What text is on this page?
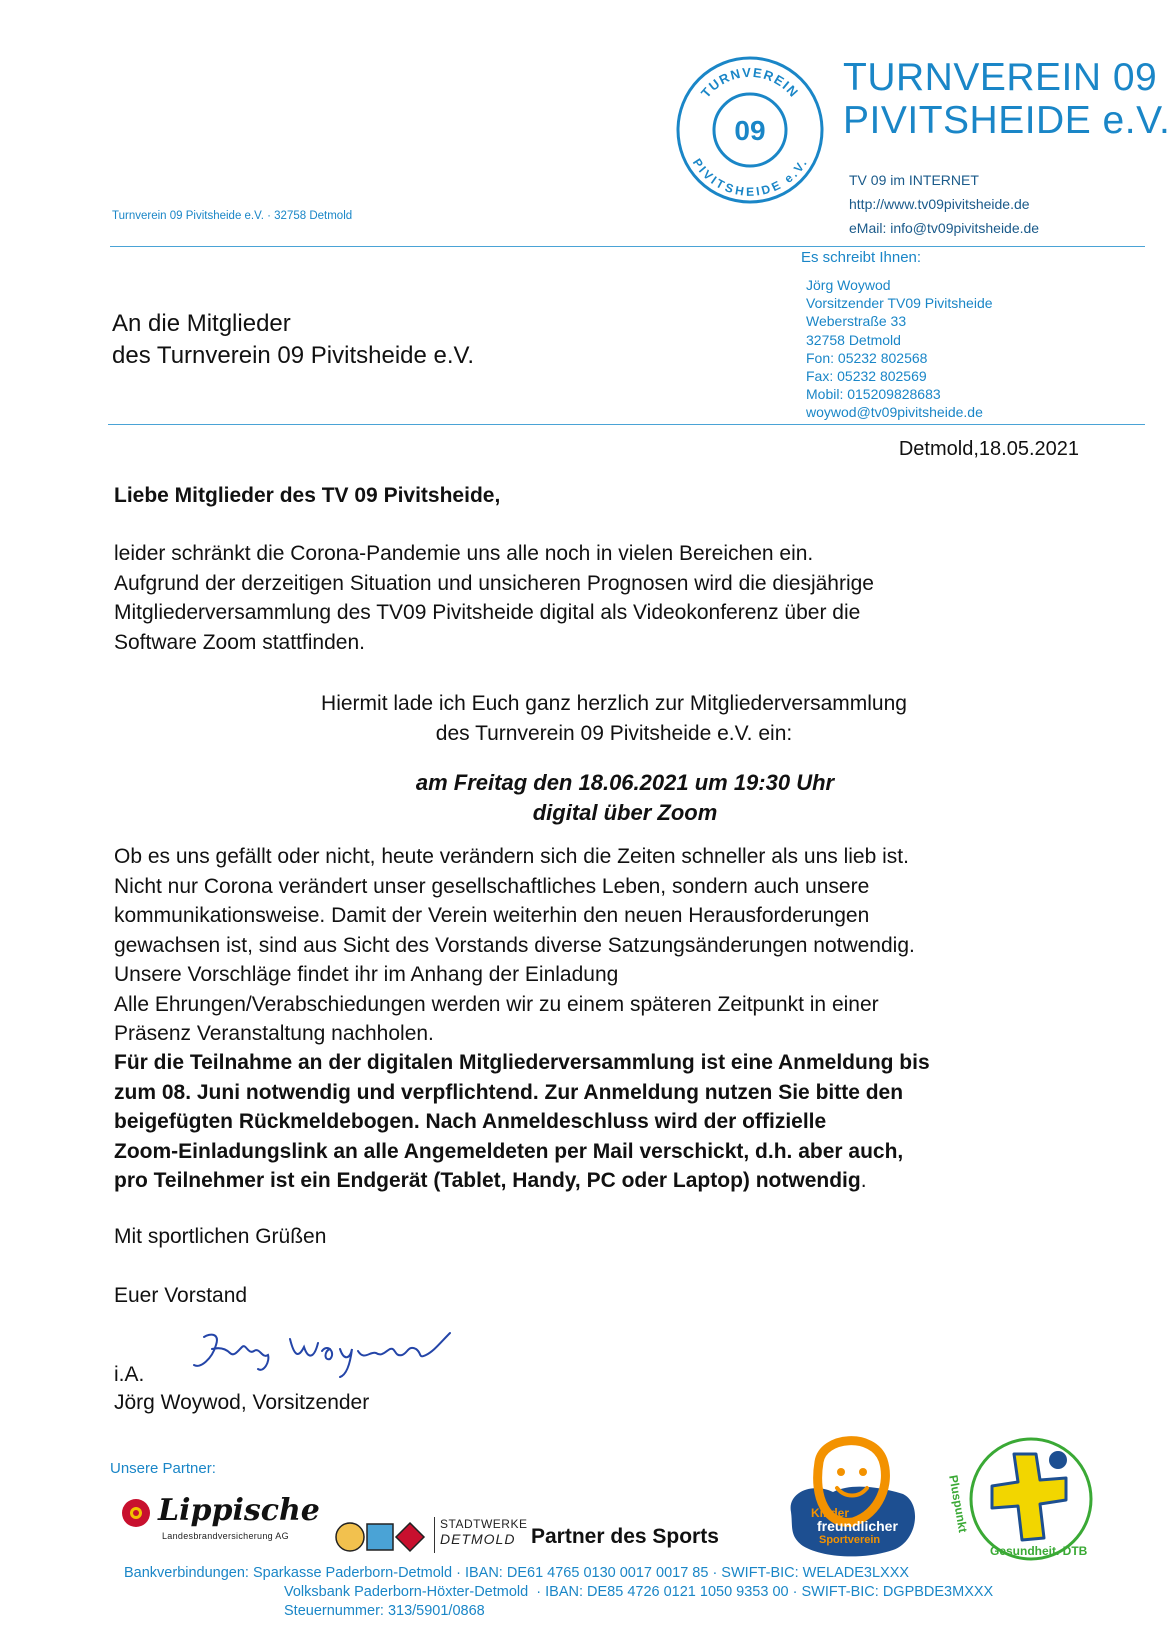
TURNVEREIN
PIVITSHEIDE e.V.
09
TURNVEREIN 09
PIVITSHEIDE e.V.
TV 09 im INTERNET
http://www.tv09pivitsheide.de
eMail: info@tv09pivitsheide.de
Turnverein 09 Pivitsheide e.V. · 32758 Detmold
An die Mitglieder
des Turnverein 09 Pivitsheide e.V.
Es schreibt Ihnen:
Jörg Woywod
Vorsitzender TV09 Pivitsheide
Weberstraße 33
32758 Detmold
Fon: 05232 802568
Fax: 05232 802569
Mobil: 015209828683
woywod@tv09pivitsheide.de
Detmold,18.05.2021
Liebe Mitglieder des TV 09 Pivitsheide,
leider schränkt die Corona-Pandemie uns alle noch in vielen Bereichen ein.
Aufgrund der derzeitigen Situation und unsicheren Prognosen wird die diesjährige
Mitgliederversammlung des TV09 Pivitsheide digital als Videokonferenz über die
Software Zoom stattfinden.
Hiermit lade ich Euch ganz herzlich zur Mitgliederversammlung
des Turnverein 09 Pivitsheide e.V. ein:
am Freitag den 18.06.2021 um 19:30 Uhr
digital über Zoom
Ob es uns gefällt oder nicht, heute verändern sich die Zeiten schneller als uns lieb ist.
Nicht nur Corona verändert unser gesellschaftliches Leben, sondern auch unsere
kommunikationsweise. Damit der Verein weiterhin den neuen Herausforderungen
gewachsen ist, sind aus Sicht des Vorstands diverse Satzungsänderungen notwendig.
Unsere Vorschläge findet ihr im Anhang der Einladung
Alle Ehrungen/Verabschiedungen werden wir zu einem späteren Zeitpunkt in einer
Präsenz Veranstaltung nachholen.
Für die Teilnahme an der digitalen Mitgliederversammlung ist eine Anmeldung bis
zum 08. Juni notwendig und verpflichtend. Zur Anmeldung nutzen Sie bitte den
beigefügten Rückmeldebogen. Nach Anmeldeschluss wird der offizielle
Zoom-Einladungslink an alle Angemeldeten per Mail verschickt, d.h. aber auch,
pro Teilnehmer ist ein Endgerät (Tablet, Handy, PC oder Laptop) notwendig.
Mit sportlichen Grüßen
Euer Vorstand
i.A.
Jörg Woywod, Vorsitzender
Unsere Partner:
Lippische
Landesbrandversicherung AG
STADTWERKE
DETMOLD Partner des Sports
Kinder
freundlicher
Sportverein
Pluspunkt
Gesundheit. DTB
Bankverbindungen: Sparkasse Paderborn-Detmold · IBAN: DE61 4765 0130 0017 0017 85 · SWIFT-BIC: WELADE3LXXX
Volksbank Paderborn-Höxter-Detmold  · IBAN: DE85 4726 0121 1050 9353 00 · SWIFT-BIC: DGPBDE3MXXX
Steuernummer: 313/5901/0868
